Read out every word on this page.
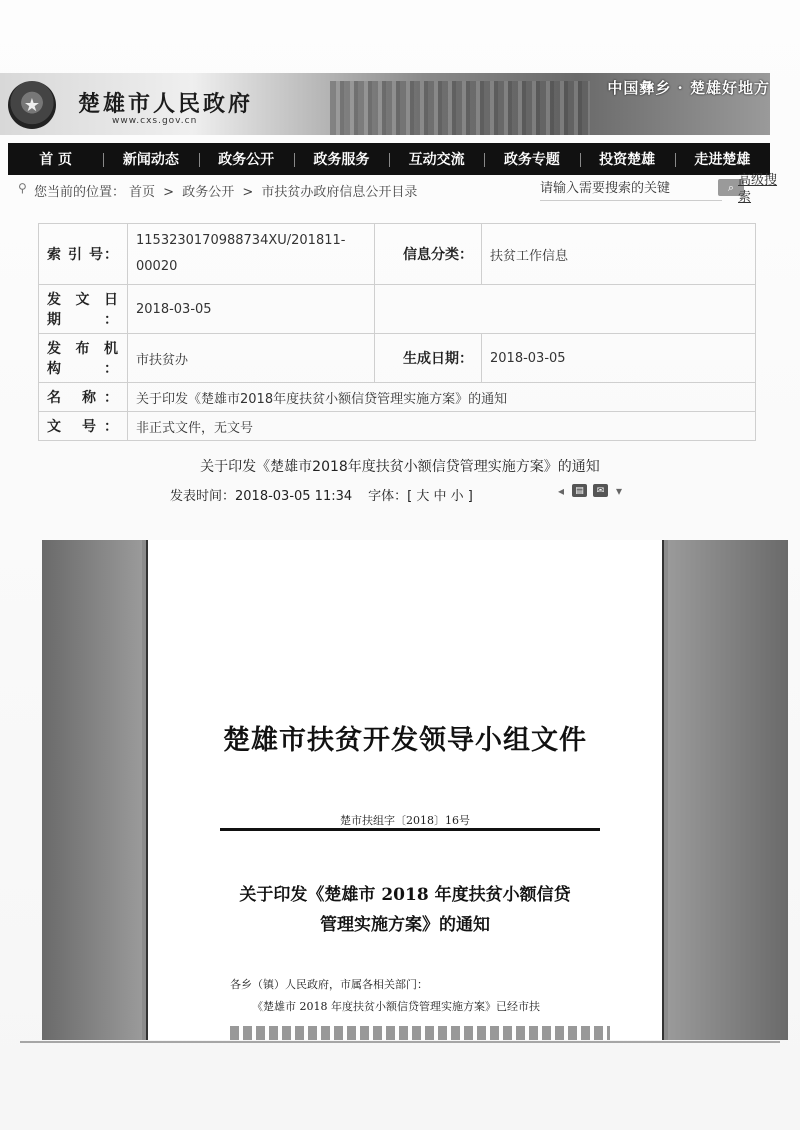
★	楚雄市人民政府
www.cxs.gov.cn
中国彝乡 · 楚雄好地方
首 页	新闻动态	政务公开	政务服务	互动交流	政务专题	投资楚雄	走进楚雄
⚲ 您当前的位置： 首页 > 政务公开 > 市扶贫办政府信息公开目录
请输入需要搜索的关键	⌕ 高级搜索
索 引 号：	1153230170988734XU/201811-00020	信息分类：	扶贫工作信息
发文日期：	2018-03-05		
发布机构：	市扶贫办	生成日期：	2018-03-05
名 称：	关于印发《楚雄市2018年度扶贫小额信贷管理实施方案》的通知		
文 号：	非正式文件，无文号		
关于印发《楚雄市2018年度扶贫小额信贷管理实施方案》的通知
发表时间：2018-03-05 11:34 字体：[ 大 中 小 ]	◂	▤	✉ ▾
楚雄市扶贫开发领导小组文件
楚市扶组字〔2018〕16号
关于印发《楚雄市 2018 年度扶贫小额信贷
管理实施方案》的通知
各乡（镇）人民政府，市属各相关部门：
《楚雄市 2018 年度扶贫小额信贷管理实施方案》已经市扶
